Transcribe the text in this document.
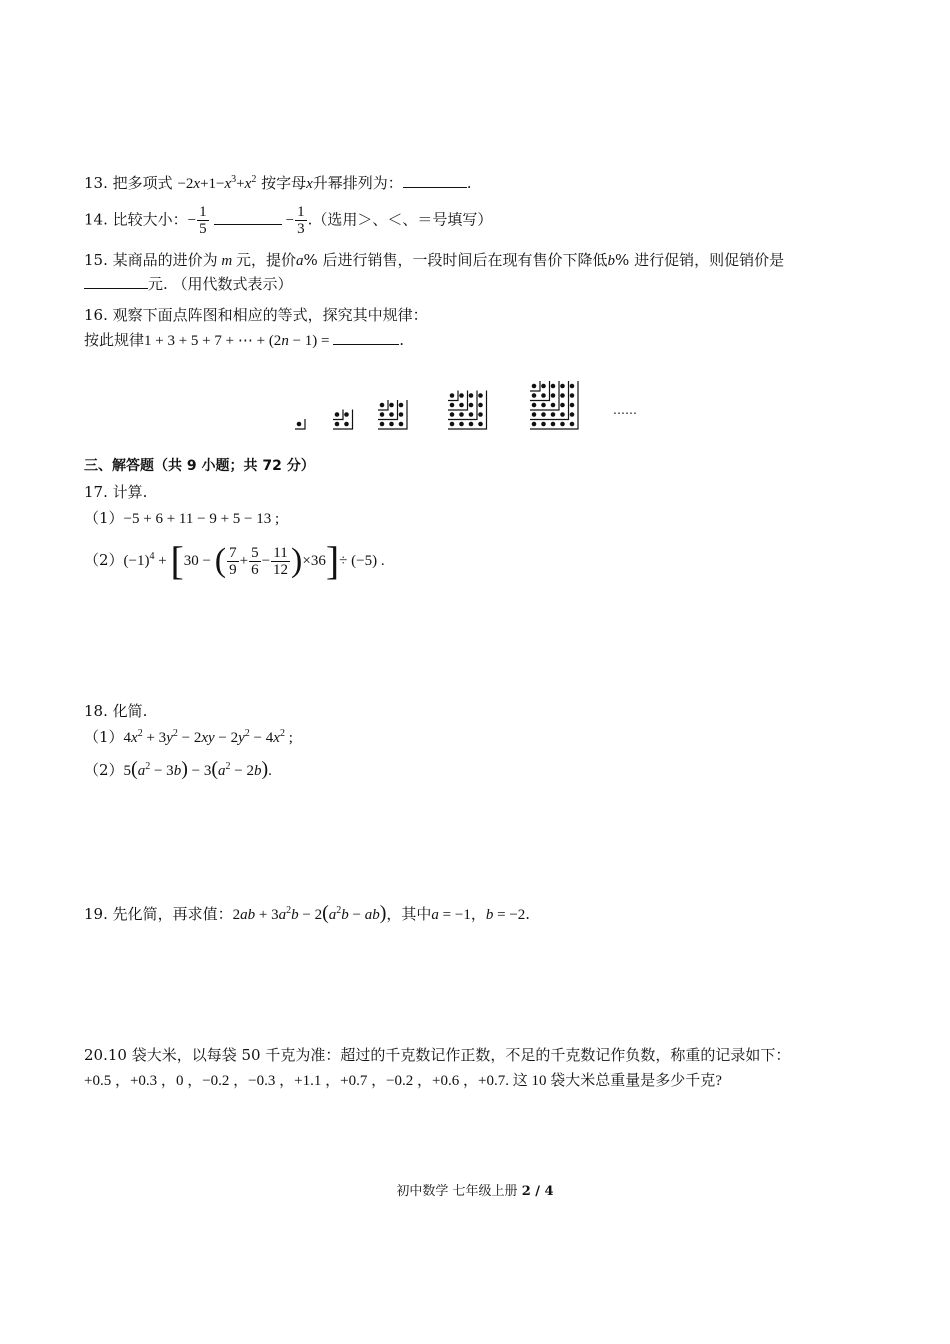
13. 把多项式 $-2x+1-x^3+x^2$ 按字母x升幂排列为：	.
14. 比较大小：− $\frac{1}{5}$	− $\frac{1}{3}$ .（选用＞、＜、＝号填写）
15. 某商品的进价为 m 元，提价a% 后进行销售，一段时间后在现有售价下降低b% 进行促销，则促销价是
元. （用代数式表示）
16. 观察下面点阵图和相应的等式，探究其中规律：
按此规律1 + 3 + 5 + 7 + ⋯ + (2n − 1) =	.
……
三、解答题（共 9 小题；共 72 分）
17. 计算.
（1）−5 + 6 + 11 − 9 + 5 − 13 ;
$(2)(-1)^4 + [30$ − ( $\frac{7}{9} + \frac{5}{6} - \frac{11}{12} )\times 36]\div (-5)$ .
18. 化简.
$(1)4x^2 + 3y^2 - 2xy - 2y^2 - 4x^2$ ;
$(2)5(a^2 - 3b) - 3(a^2 - 2b)$.
19. 先化简，再求值：$2ab + 3a^2b - 2(a^2b - ab)$，其中a = −1，b = −2.
20.10 袋大米，以每袋 50 千克为准：超过的千克数记作正数，不足的千克数记作负数，称重的记录如下：
+0.5 ，+0.3 ，0 ，−0.2 ，−0.3 ，+1.1 ，+0.7 ，−0.2 ，+0.6 ，+0.7. 这 10 袋大米总重量是多少千克?
初中数学 七年级上册 2 / 4
